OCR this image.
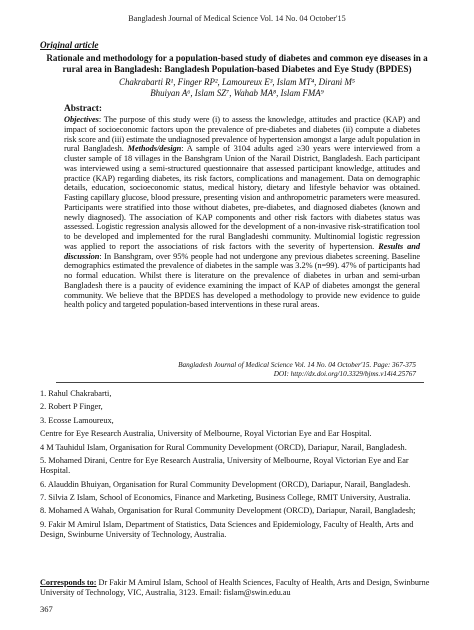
Bangladesh Journal of Medical Science Vol. 14 No. 04 October'15
Original article
Rationale and methodology for a population-based study of diabetes and common eye diseases in a rural area in Bangladesh: Bangladesh Population-based Diabetes and Eye Study (BPDES)
Chakrabarti R¹, Finger RP², Lamoureux E³, Islam MT⁴, Dirani M⁵
Bhuiyan A⁶, Islam SZ⁷, Wahab MA⁸, Islam FMA⁹
Abstract:
Objectives: The purpose of this study were (i) to assess the knowledge, attitudes and practice (KAP) and impact of socioeconomic factors upon the prevalence of pre-diabetes and diabetes (ii) compute a diabetes risk score and (iii) estimate the undiagnosed prevalence of hypertension amongst a large adult population in rural Bangladesh. Methods/design: A sample of 3104 adults aged ≥30 years were interviewed from a cluster sample of 18 villages in the Banshgram Union of the Narail District, Bangladesh. Each participant was interviewed using a semi-structured questionnaire that assessed participant knowledge, attitudes and practice (KAP) regarding diabetes, its risk factors, complications and management. Data on demographic details, education, socioeconomic status, medical history, dietary and lifestyle behavior was obtained. Fasting capillary glucose, blood pressure, presenting vision and anthropometric parameters were measured. Participants were stratified into those without diabetes, pre-diabetes, and diagnosed diabetes (known and newly diagnosed). The association of KAP components and other risk factors with diabetes status was assessed. Logistic regression analysis allowed for the development of a non-invasive risk-stratification tool to be developed and implemented for the rural Bangladeshi community. Multinomial logistic regression was applied to report the associations of risk factors with the severity of hypertension. Results and discussion: In Banshgram, over 95% people had not undergone any previous diabetes screening. Baseline demographics estimated the prevalence of diabetes in the sample was 3.2% (n=99). 47% of participants had no formal education. Whilst there is literature on the prevalence of diabetes in urban and semi-urban Bangladesh there is a paucity of evidence examining the impact of KAP of diabetes amongst the general community. We believe that the BPDES has developed a methodology to provide new evidence to guide health policy and targeted population-based interventions in these rural areas.
Bangladesh Journal of Medical Science Vol. 14 No. 04 October'15. Page: 367-375
DOI: http://dx.doi.org/10.3329/bjms.v14i4.25767

1. Rahul Chakrabarti,

2. Robert P Finger,

3. Ecosse Lamoureux,

Centre for Eye Research Australia, University of Melbourne, Royal Victorian Eye and Ear Hospital.

4 M Tauhidul Islam, Organisation for Rural Community Development (ORCD), Dariapur, Narail, Bangladesh.

5. Mohamed Dirani, Centre for Eye Research Australia, University of Melbourne, Royal Victorian Eye and Ear Hospital.

6. Alauddin Bhuiyan, Organisation for Rural Community Development (ORCD), Dariapur, Narail, Bangladesh.

7. Silvia Z Islam, School of Economics, Finance and Marketing, Business College, RMIT University, Australia.

8. Mohamed A Wahab, Organisation for Rural Community Development (ORCD), Dariapur, Narail, Bangladesh;

9. Fakir M Amirul Islam, Department of Statistics, Data Sciences and Epidemiology, Faculty of Health, Arts and Design, Swinburne University of Technology, Australia.

Corresponds to: Dr Fakir M Amirul Islam, School of Health Sciences, Faculty of Health, Arts and Design, Swinburne University of Technology, VIC, Australia, 3123. Email: fislam@swin.edu.au
367
